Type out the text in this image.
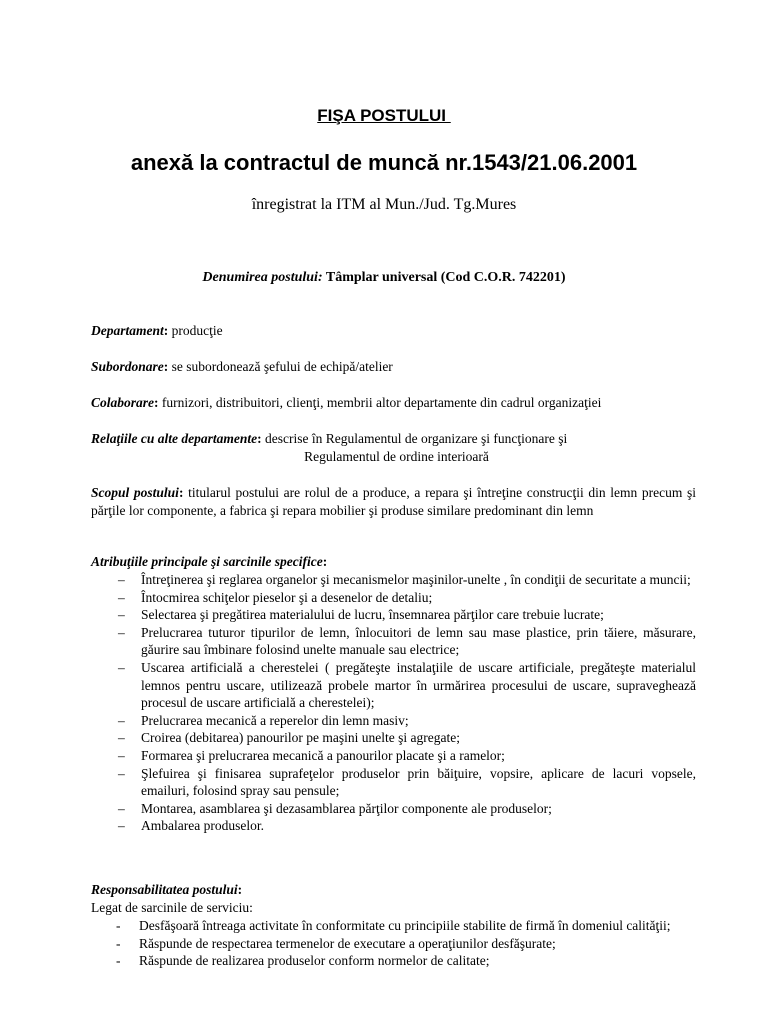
FIŞA POSTULUI
anexă la contractul de muncă nr.1543/21.06.2001
înregistrat la ITM al Mun./Jud. Tg.Mures
Denumirea postului: Tâmplar universal (Cod C.O.R. 742201)
Departament: producţie
Subordonare: se subordonează şefului de echipă/atelier
Colaborare: furnizori, distribuitori, clienţi, membrii altor departamente din cadrul organizaţiei
Relaţiile cu alte departamente: descrise în Regulamentul de organizare şi funcţionare şi
Regulamentul de ordine interioară
Scopul postului: titularul postului are rolul de a produce, a repara şi întreţine construcţii din lemn precum şi părţile lor componente, a fabrica şi repara mobilier şi produse similare predominant din lemn
Atribuţiile principale şi sarcinile specifice:
– Întreţinerea şi reglarea organelor şi mecanismelor maşinilor-unelte , în condiţii de securitate a muncii;
– Întocmirea schiţelor pieselor şi a desenelor de detaliu;
– Selectarea şi pregătirea materialului de lucru, însemnarea părţilor care trebuie lucrate;
– Prelucrarea tuturor tipurilor de lemn, înlocuitori de lemn sau mase plastice, prin tăiere, măsurare, găurire sau îmbinare folosind unelte manuale sau electrice;
– Uscarea artificială a cherestelei ( pregăteşte instalaţiile de uscare artificiale, pregăteşte materialul lemnos pentru uscare, utilizează probele martor în urmărirea procesului de uscare, supraveghează procesul de uscare artificială a cherestelei);
– Prelucrarea mecanică a reperelor din lemn masiv;
– Croirea (debitarea) panourilor pe maşini unelte şi agregate;
– Formarea şi prelucrarea mecanică a panourilor placate şi a ramelor;
– Şlefuirea şi finisarea suprafeţelor produselor prin băiţuire, vopsire, aplicare de lacuri vopsele, emailuri, folosind spray sau pensule;
– Montarea, asamblarea şi dezasamblarea părţilor componente ale produselor;
– Ambalarea produselor.
Responsabilitatea postului:
Legat de sarcinile de serviciu:
- Desfăşoară întreaga activitate în conformitate cu principiile stabilite de firmă în domeniul calităţii;
- Răspunde de respectarea termenelor de executare a operaţiunilor desfăşurate;
- Răspunde de realizarea produselor conform normelor de calitate;
